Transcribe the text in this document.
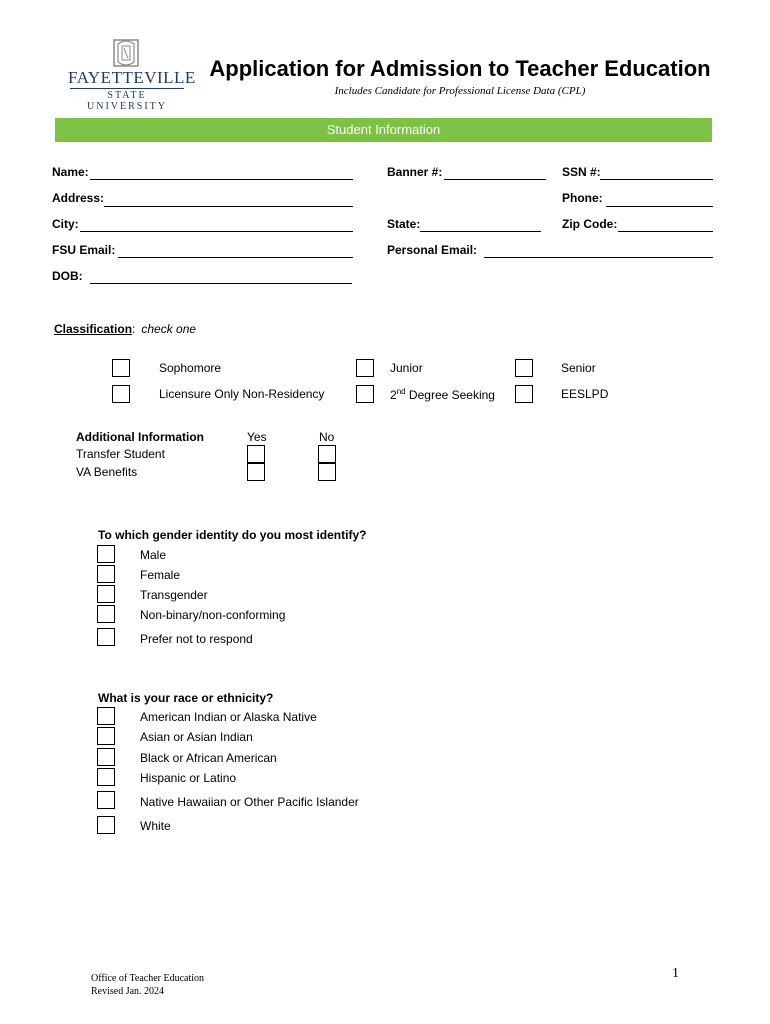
FAYETTEVILLE
STATE UNIVERSITY
Application for Admission to Teacher Education
Includes Candidate for Professional License Data (CPL)
Student Information
Name:	Banner #:	SSN #:
Address:	Phone:
City:	State:	Zip Code:
FSU Email:	Personal Email:
DOB:
Classification: check one
Sophomore	Junior	Senior
Licensure Only Non-Residency	2nd Degree Seeking	EESLPD
Additional Information	Yes	No
Transfer Student
VA Benefits
To which gender identity do you most identify?
Male
Female
Transgender
Non-binary/non-conforming
Prefer not to respond
What is your race or ethnicity?
American Indian or Alaska Native
Asian or Asian Indian
Black or African American
Hispanic or Latino
Native Hawaiian or Other Pacific Islander
White
Office of Teacher Education
Revised Jan. 2024
1
